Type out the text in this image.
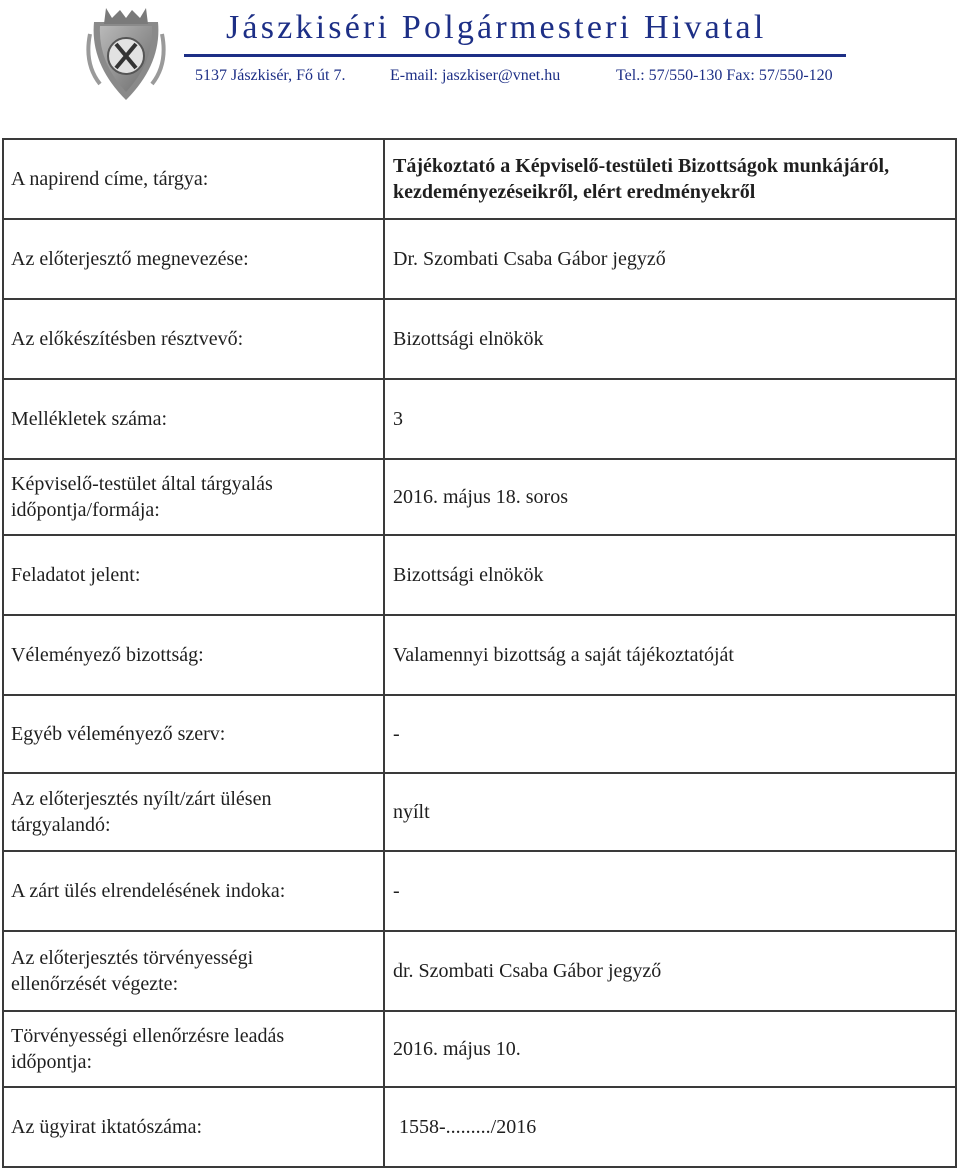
Jászkiséri Polgármesteri Hivatal
5137 Jászkisér, Fő út 7.	E-mail: jaszkiser@vnet.hu	Tel.: 57/550-130 Fax: 57/550-120
A napirend címe, tárgya:	Tájékoztató a Képviselő-testületi Bizottságok munkájáról,
kezdeményezéseikről, elért eredményekről

Az előterjesztő megnevezése:	Dr. Szombati Csaba Gábor jegyző
Az előkészítésben résztvevő:	Bizottsági elnökök
Mellékletek száma:	3

Képviselő-testület által tárgyalás
időpontja/formája:	2016. május 18. soros
Feladatot jelent:	Bizottsági elnökök
Véleményező bizottság:	Valamennyi bizottság a saját tájékoztatóját
Egyéb véleményező szerv:	-

Az előterjesztés nyílt/zárt ülésen
tárgyalandó:	nyílt
A zárt ülés elrendelésének indoka:	-

Az előterjesztés törvényességi
ellenőrzését végezte:	dr. Szombati Csaba Gábor jegyző

Törvényességi ellenőrzésre leadás
időpontja:	2016. május 10.
Az ügyirat iktatószáma:	1558-........./2016
